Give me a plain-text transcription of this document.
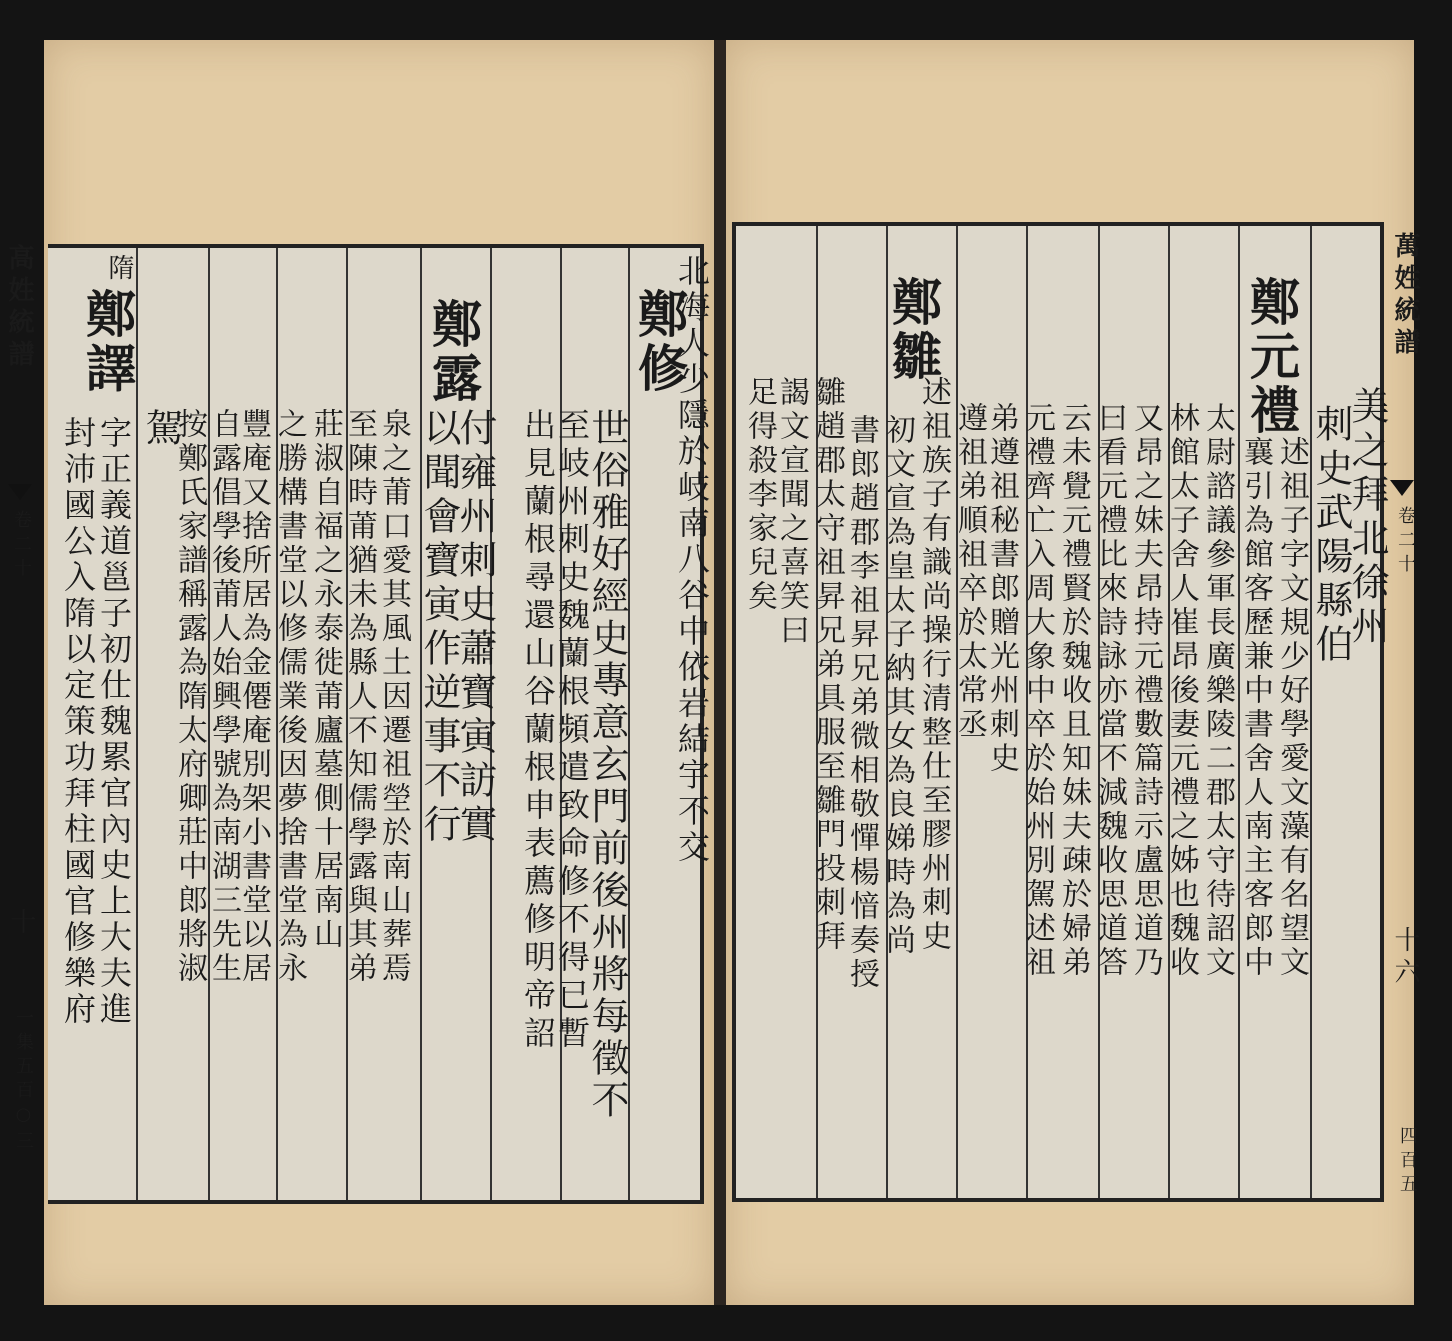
高姓統譜
卷二十
十
一集五百○三
鄭修
北海人少隱於岐南八谷中依岩結宇不交
世俗雅好經史專意玄門前後州將每徵不
至岐州刺史魏蘭根頻遣致命修不得已暫
出見蘭根尋還山谷蘭根申表薦修明帝詔
付雍州刺史蕭寶寅訪實
以聞會寶寅作逆事不行
鄭露
泉之莆口愛其風土因遷祖塋於南山葬焉
至陳時莆猶未為縣人不知儒學露與其弟
莊淑自福之永泰徙莆廬墓側十居南山
之勝構書堂以修儒業後因夢捨書堂為永
豐庵又捨所居為金僊庵別架小書堂以居
自露倡學後莆人始興學號為南湖三先生
按鄭氏家譜稱露為隋太府卿莊中郎將淑
駕
隋
鄭譯
字正義道邕子初仕魏累官內史上大夫進
封沛國公入隋以定策功拜柱國官修樂府
萬姓統譜
卷二十
十六
四百五
美之拜北徐州
刺史武陽縣伯
鄭元禮
述祖子字文規少好學愛文藻有名望文
襄引為館客歷兼中書舍人南主客郎中
太尉諮議參軍長廣樂陵二郡太守待詔文
林館太子舍人崔昂後妻元禮之姊也魏收
又昂之妹夫昂持元禮數篇詩示盧思道乃
曰看元禮比來詩詠亦當不減魏收思道答
云未覺元禮賢於魏收且知妹夫疎於婦弟
元禮齊亡入周大象中卒於始州別駕述祖
弟遵祖秘書郎贈光州刺史
遵祖弟順祖卒於太常丞
鄭雛
述祖族子有識尚操行清整仕至膠州刺史
初文宣為皇太子納其女為良娣時為尚
書郎趙郡李祖昇兄弟微相敬憚楊愔奏授
雛趙郡太守祖昇兄弟具服至雛門投刺拜
謁文宣聞之喜笑曰
足得殺李家兒矣
